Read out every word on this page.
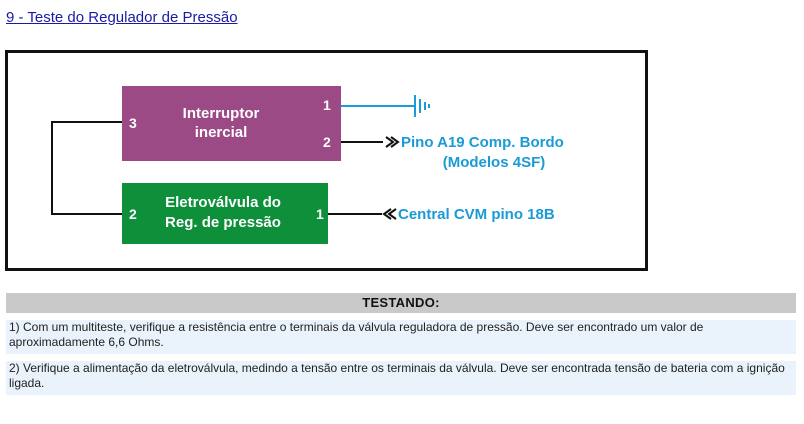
9 - Teste do Regulador de Pressão
3
1
2
Interruptor
inercial
2	1
Eletroválvula do
Reg. de pressão
Pino A19 Comp. Bordo
(Modelos 4SF)
Central CVM pino 18B
TESTANDO:
1) Com um multiteste, verifique a resistência entre o terminais da válvula reguladora de pressão. Deve ser encontrado um valor de aproximadamente 6,6 Ohms.
2) Verifique a alimentação da eletroválvula, medindo a tensão entre os terminais da válvula. Deve ser encontrada tensão de bateria com a ignição ligada.
